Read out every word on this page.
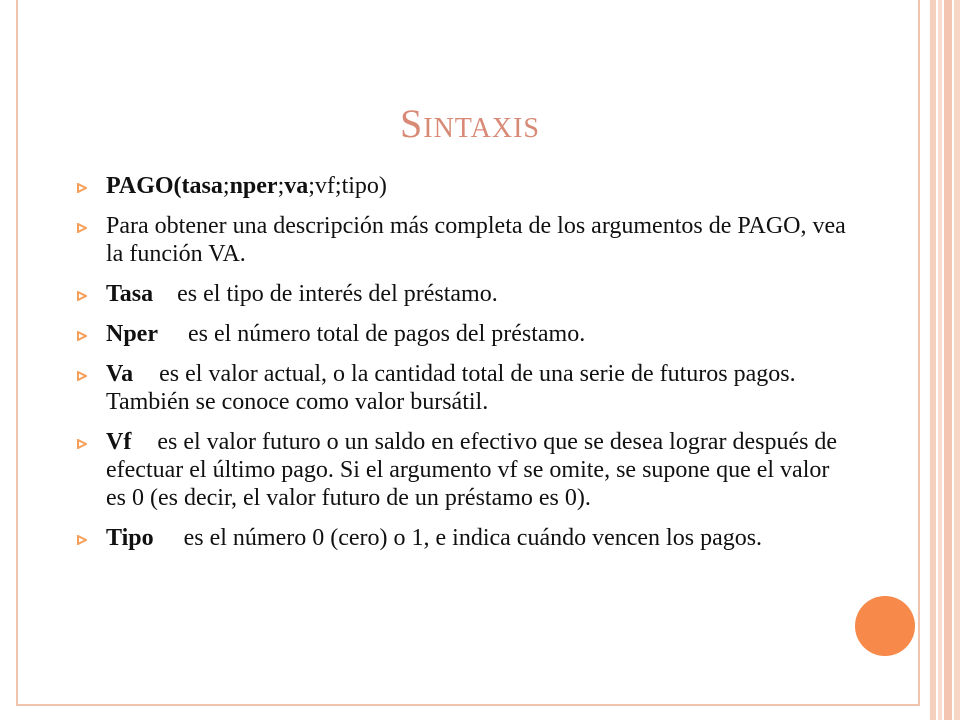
Sintaxis
PAGO(tasa;nper;va;vf;tipo)
Para obtener una descripción más completa de los argumentos de PAGO, vea la función VA.
Tasa es el tipo de interés del préstamo.
Nper es el número total de pagos del préstamo.
Va es el valor actual, o la cantidad total de una serie de futuros pagos. También se conoce como valor bursátil.
Vf es el valor futuro o un saldo en efectivo que se desea lograr después de efectuar el último pago. Si el argumento vf se omite, se supone que el valor es 0 (es decir, el valor futuro de un préstamo es 0).
Tipo es el número 0 (cero) o 1, e indica cuándo vencen los pagos.
